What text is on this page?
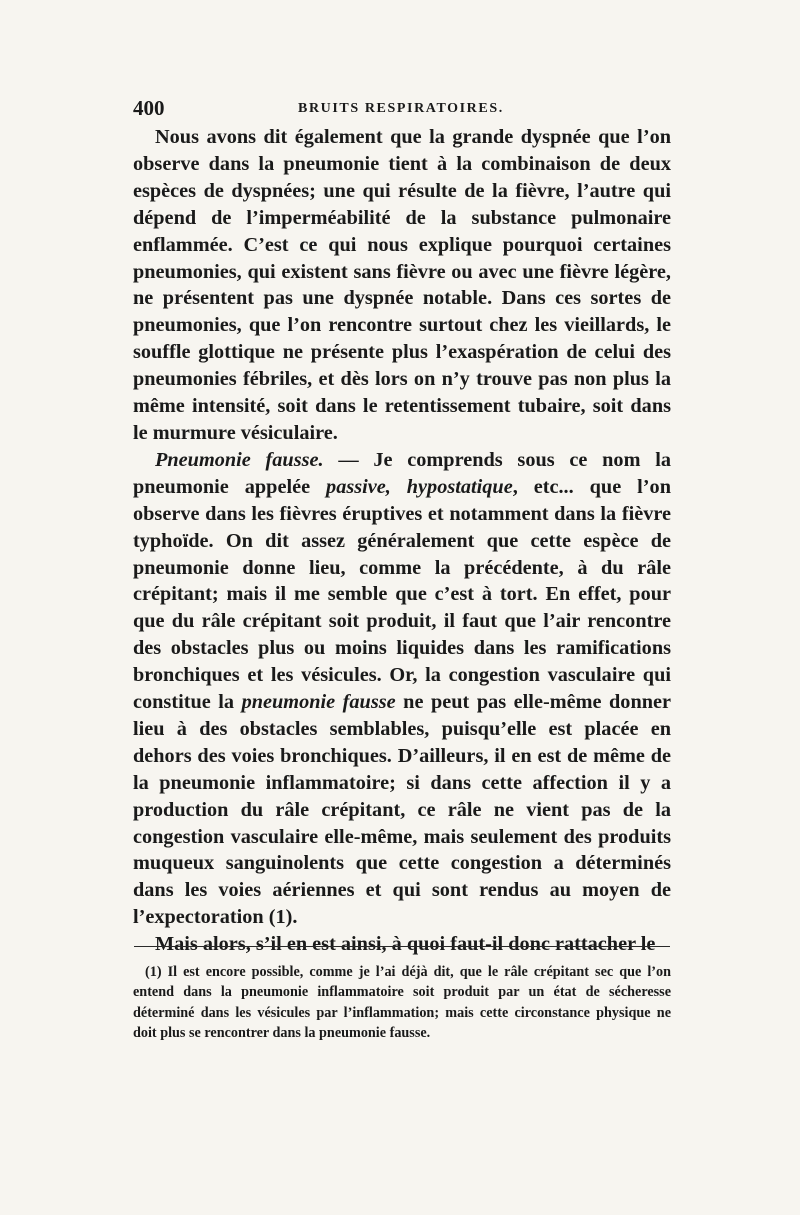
400	BRUITS RESPIRATOIRES.

Nous avons dit également que la grande dyspnée que l’on observe dans la pneumonie tient à la combinaison de deux espèces de dyspnées; une qui résulte de la fièvre, l’autre qui dépend de l’imperméabilité de la substance pulmonaire enflammée. C’est ce qui nous explique pourquoi certaines pneumonies, qui existent sans fièvre ou avec une fièvre légère, ne présentent pas une dyspnée notable. Dans ces sortes de pneumonies, que l’on rencontre surtout chez les vieillards, le souffle glottique ne présente plus l’exaspération de celui des pneumonies fébriles, et dès lors on n’y trouve pas non plus la même intensité, soit dans le retentissement tubaire, soit dans le murmure vésiculaire.

Pneumonie fausse. — Je comprends sous ce nom la pneumonie appelée passive, hypostatique, etc... que l’on observe dans les fièvres éruptives et notamment dans la fièvre typhoïde. On dit assez généralement que cette espèce de pneumonie donne lieu, comme la précédente, à du râle crépitant; mais il me semble que c’est à tort. En effet, pour que du râle crépitant soit produit, il faut que l’air rencontre des obstacles plus ou moins liquides dans les ramifications bronchiques et les vésicules. Or, la congestion vasculaire qui constitue la pneumonie fausse ne peut pas elle-même donner lieu à des obstacles semblables, puisqu’elle est placée en dehors des voies bronchiques. D’ailleurs, il en est de même de la pneumonie inflammatoire; si dans cette affection il y a production du râle crépitant, ce râle ne vient pas de la congestion vasculaire elle-même, mais seulement des produits muqueux sanguinolents que cette congestion a déterminés dans les voies aériennes et qui sont rendus au moyen de l’expectoration (1).

Mais alors, s’il en est ainsi, à quoi faut-il donc rattacher le

(1) Il est encore possible, comme je l’ai déjà dit, que le râle crépitant sec que l’on entend dans la pneumonie inflammatoire soit produit par un état de sécheresse déterminé dans les vésicules par l’inflammation; mais cette circonstance physique ne doit plus se rencontrer dans la pneumonie fausse.
